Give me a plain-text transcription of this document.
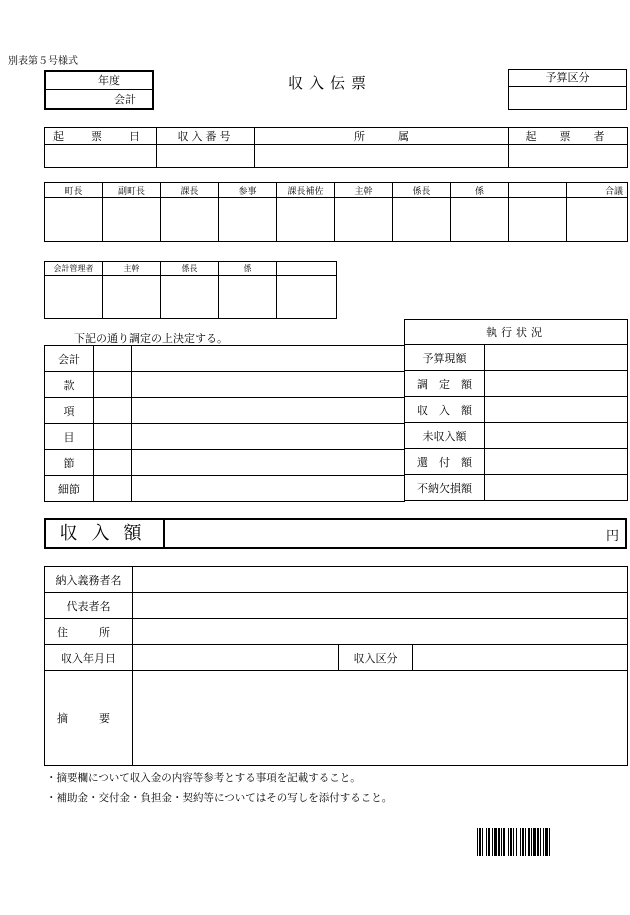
別表第５号様式
年度
会計
収入伝票	予算区分
起　票　日	収入番号	所　　　属	起　票　者

町長	副町長	課長	参事	課長補佐	主幹	係長	係		合議

会計管理者	主幹	係長	係	

下記の通り調定の上決定する。
会計		
款		
項		
目		
節		
細節		
執行状況	
予算現額	
調　定　額	
収　入　額	
未収入額	
還　付　額	
不納欠損額	
収入額	円
納入義務者名			
代表者名			
住　所			
収入年月日		収入区分	
摘　要			
・摘要欄について収入金の内容等参考とする事項を記載すること。
・補助金・交付金・負担金・契約等についてはその写しを添付すること。
